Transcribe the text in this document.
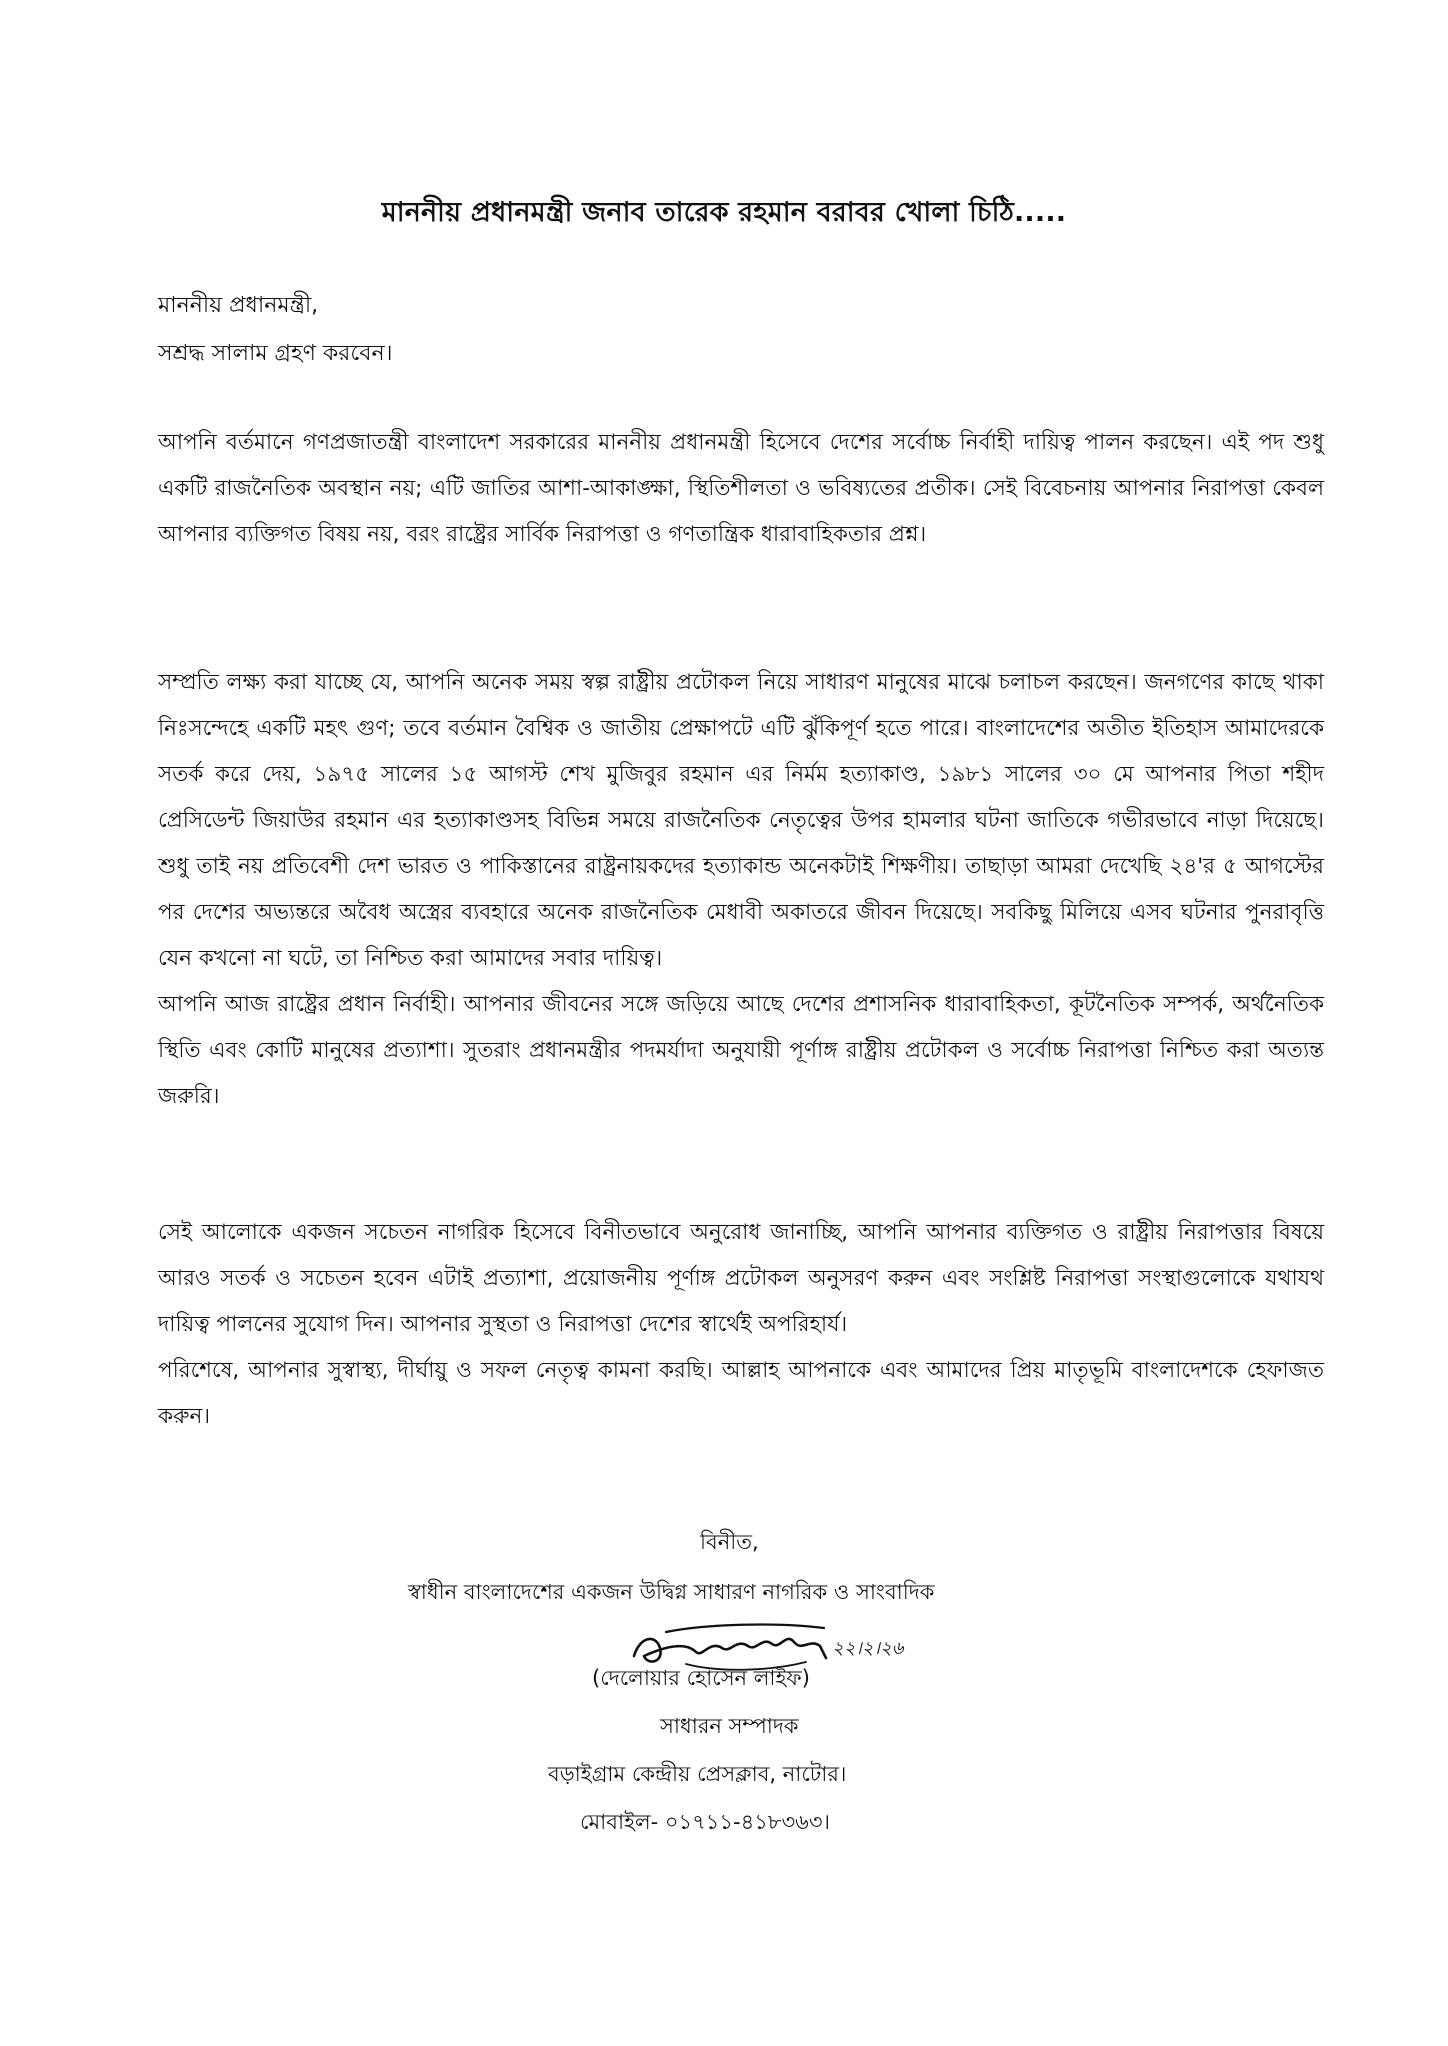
মাননীয় প্রধানমন্ত্রী জনাব তারেক রহমান বরাবর খোলা চিঠি.....
মাননীয় প্রধানমন্ত্রী,
সশ্রদ্ধ সালাম গ্রহণ করবেন।

আপনি বর্তমানে গণপ্রজাতন্ত্রী বাংলাদেশ সরকারের মাননীয় প্রধানমন্ত্রী হিসেবে দেশের সর্বোচ্চ নির্বাহী দায়িত্ব পালন করছেন। এই পদ শুধু একটি রাজনৈতিক অবস্থান নয়; এটি জাতির আশা-আকাঙ্ক্ষা, স্থিতিশীলতা ও ভবিষ্যতের প্রতীক। সেই বিবেচনায় আপনার নিরাপত্তা কেবল আপনার ব্যক্তিগত বিষয় নয়, বরং রাষ্ট্রের সার্বিক নিরাপত্তা ও গণতান্ত্রিক ধারাবাহিকতার প্রশ্ন।

সম্প্রতি লক্ষ্য করা যাচ্ছে যে, আপনি অনেক সময় স্বল্প রাষ্ট্রীয় প্রটোকল নিয়ে সাধারণ মানুষের মাঝে চলাচল করছেন। জনগণের কাছে থাকা নিঃসন্দেহে একটি মহৎ গুণ; তবে বর্তমান বৈশ্বিক ও জাতীয় প্রেক্ষাপটে এটি ঝুঁকিপূর্ণ হতে পারে। বাংলাদেশের অতীত ইতিহাস আমাদেরকে সতর্ক করে দেয়, ১৯৭৫ সালের ১৫ আগস্ট শেখ মুজিবুর রহমান এর নির্মম হত্যাকাণ্ড, ১৯৮১ সালের ৩০ মে আপনার পিতা শহীদ প্রেসিডেন্ট জিয়াউর রহমান এর হত্যাকাণ্ডসহ বিভিন্ন সময়ে রাজনৈতিক নেতৃত্বের উপর হামলার ঘটনা জাতিকে গভীরভাবে নাড়া দিয়েছে। শুধু তাই নয় প্রতিবেশী দেশ ভারত ও পাকিস্তানের রাষ্ট্রনায়কদের হত্যাকান্ড অনেকটাই শিক্ষণীয়। তাছাড়া আমরা দেখেছি ২৪'র ৫ আগস্টের পর দেশের অভ্যন্তরে অবৈধ অস্ত্রের ব্যবহারে অনেক রাজনৈতিক মেধাবী অকাতরে জীবন দিয়েছে। সবকিছু মিলিয়ে এসব ঘটনার পুনরাবৃত্তি যেন কখনো না ঘটে, তা নিশ্চিত করা আমাদের সবার দায়িত্ব।

আপনি আজ রাষ্ট্রের প্রধান নির্বাহী। আপনার জীবনের সঙ্গে জড়িয়ে আছে দেশের প্রশাসনিক ধারাবাহিকতা, কূটনৈতিক সম্পর্ক, অর্থনৈতিক স্থিতি এবং কোটি মানুষের প্রত্যাশা। সুতরাং প্রধানমন্ত্রীর পদমর্যাদা অনুযায়ী পূর্ণাঙ্গ রাষ্ট্রীয় প্রটোকল ও সর্বোচ্চ নিরাপত্তা নিশ্চিত করা অত্যন্ত জরুরি।

সেই আলোকে একজন সচেতন নাগরিক হিসেবে বিনীতভাবে অনুরোধ জানাচ্ছি, আপনি আপনার ব্যক্তিগত ও রাষ্ট্রীয় নিরাপত্তার বিষয়ে আরও সতর্ক ও সচেতন হবেন এটাই প্রত্যাশা, প্রয়োজনীয় পূর্ণাঙ্গ প্রটোকল অনুসরণ করুন এবং সংশ্লিষ্ট নিরাপত্তা সংস্থাগুলোকে যথাযথ দায়িত্ব পালনের সুযোগ দিন। আপনার সুস্থতা ও নিরাপত্তা দেশের স্বার্থেই অপরিহার্য।

পরিশেষে, আপনার সুস্বাস্থ্য, দীর্ঘায়ু ও সফল নেতৃত্ব কামনা করছি। আল্লাহ আপনাকে এবং আমাদের প্রিয় মাতৃভূমি বাংলাদেশকে হেফাজত করুন।

বিনীত,
স্বাধীন বাংলাদেশের একজন উদ্বিগ্ন সাধারণ নাগরিক ও সাংবাদিক
২২।২।২৬
(দেলোয়ার হোসেন লাইফ)
সাধারন সম্পাদক
বড়াইগ্রাম কেন্দ্রীয় প্রেসক্লাব, নাটোর।
মোবাইল- ০১৭১১-৪১৮৩৬৩।
